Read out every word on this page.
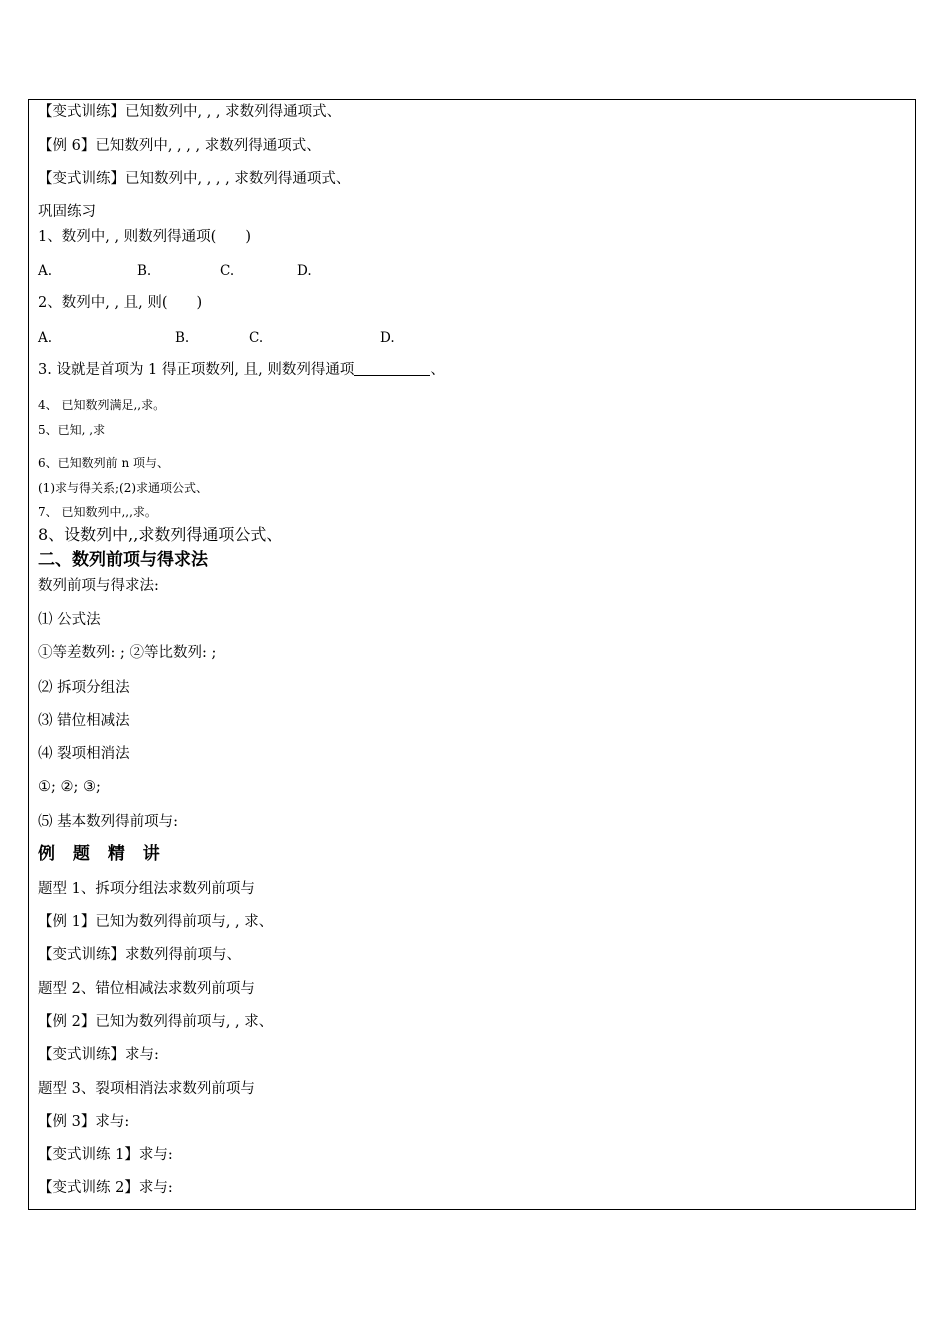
【变式训练】已知数列中, , , 求数列得通项式、
【例 6】已知数列中, , , , 求数列得通项式、
【变式训练】已知数列中, , , , 求数列得通项式、
巩固练习
1、数列中, , 则数列得通项(　　)
A.	B.	C.	D.
2、数列中, , 且, 则(　　)
A.	B.	C.	D.
3. 设就是首项为 1 得正项数列, 且, 则数列得通项	、
4、 已知数列满足,,求。
5、已知, ,求
6、已知数列前 n 项与、
(1)求与得关系;(2)求通项公式、
7、 已知数列中,,,求。
8、设数列中,,求数列得通项公式、
二、数列前项与得求法
数列前项与得求法:
⑴ 公式法
①等差数列: ; ②等比数列: ;
⑵ 拆项分组法
⑶ 错位相减法
⑷ 裂项相消法
①; ②; ③;
⑸ 基本数列得前项与:
例 题 精 讲
题型 1、拆项分组法求数列前项与
【例 1】已知为数列得前项与, , 求、
【变式训练】求数列得前项与、
题型 2、错位相减法求数列前项与
【例 2】已知为数列得前项与, , 求、
【变式训练】求与:
题型 3、裂项相消法求数列前项与
【例 3】求与:
【变式训练 1】求与:
【变式训练 2】求与:
